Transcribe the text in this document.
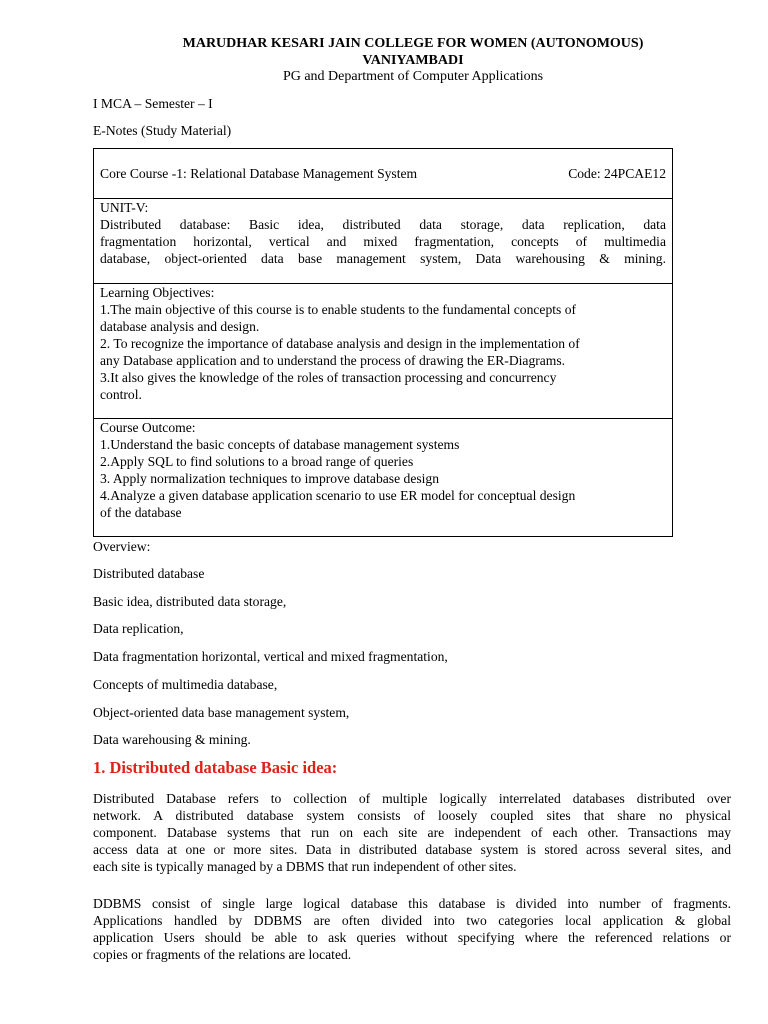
MARUDHAR KESARI JAIN COLLEGE FOR WOMEN (AUTONOMOUS)
VANIYAMBADI
PG and Department of Computer Applications
I MCA – Semester – I
E-Notes (Study Material)
Core Course -1: Relational Database Management System	Code: 24PCAE12
UNIT-V:
Distributed database: Basic idea, distributed data storage, data replication, data
fragmentation horizontal, vertical and mixed fragmentation, concepts of multimedia
database, object-oriented data base management system, Data warehousing & mining.
Learning Objectives:
1.The main objective of this course is to enable students to the fundamental concepts of
database analysis and design.
2. To recognize the importance of database analysis and design in the implementation of
any Database application and to understand the process of drawing the ER-Diagrams.
3.It also gives the knowledge of the roles of transaction processing and concurrency
control.
Course Outcome:
1.Understand the basic concepts of database management systems
2.Apply SQL to find solutions to a broad range of queries
3. Apply normalization techniques to improve database design
4.Analyze a given database application scenario to use ER model for conceptual design
of the database
Overview:
Distributed database
Basic idea, distributed data storage,
Data replication,
Data fragmentation horizontal, vertical and mixed fragmentation,
Concepts of multimedia database,
Object-oriented data base management system,
Data warehousing & mining.
1. Distributed database Basic idea:
Distributed Database refers to collection of multiple logically interrelated databases distributed over
network. A distributed database system consists of loosely coupled sites that share no physical
component. Database systems that run on each site are independent of each other. Transactions may
access data at one or more sites. Data in distributed database system is stored across several sites, and
each site is typically managed by a DBMS that run independent of other sites.
DDBMS consist of single large logical database this database is divided into number of fragments.
Applications handled by DDBMS are often divided into two categories local application & global
application Users should be able to ask queries without specifying where the referenced relations or
copies or fragments of the relations are located.
